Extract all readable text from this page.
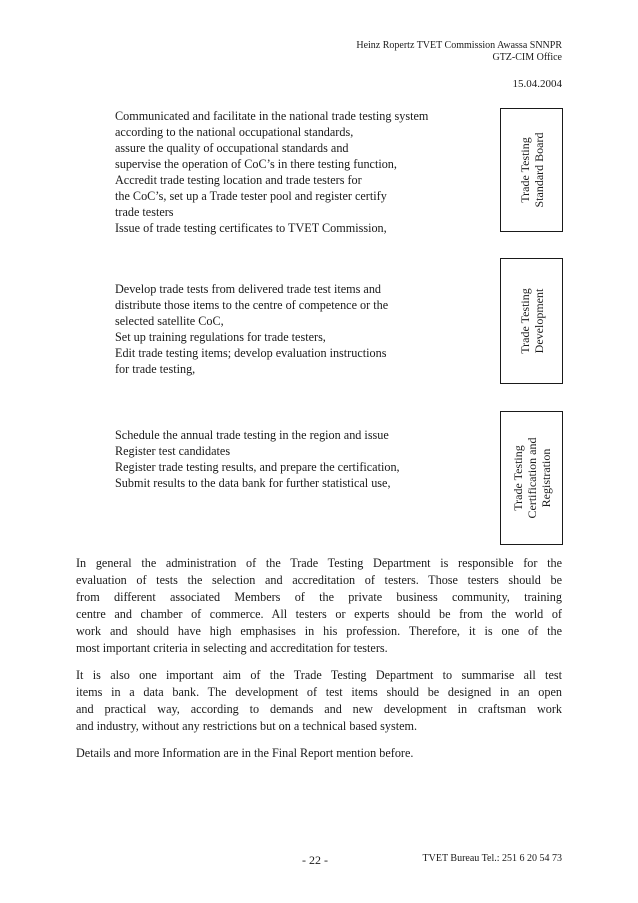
Heinz Ropertz TVET Commission Awassa SNNPR
GTZ-CIM Office
15.04.2004
Communicated and facilitate in the national trade testing system
according to the national occupational standards,
assure the quality of occupational standards and
supervise the operation of CoC’s in there testing function,
Accredit trade testing location and trade testers for
the CoC’s, set up a Trade tester pool and register certify
trade testers
Issue of trade testing certificates to TVET Commission,
Trade Testing Standard Board
Develop trade tests from delivered trade test items and
distribute those items to the centre of competence or the
selected satellite CoC,
Set up training regulations for trade testers,
Edit trade testing items; develop evaluation instructions
for trade testing,
Trade Testing Development
Schedule the annual trade testing in the region and issue
Register test candidates
Register trade testing results, and prepare the certification,
Submit results to the data bank for further statistical use,	Trade Testing Certification and Registration
In general the administration of the Trade Testing Department is responsible for the
evaluation of tests the selection and accreditation of testers. Those testers should be
from different associated Members of the private business community, training
centre and chamber of commerce. All testers or experts should be from the world of
work and should have high emphasises in his profession. Therefore, it is one of the
most important criteria in selecting and accreditation for testers.
It is also one important aim of the Trade Testing Department to summarise all test
items in a data bank. The development of test items should be designed in an open
and practical way, according to demands and new development in craftsman work
and industry, without any restrictions but on a technical based system.
Details and more Information are in the Final Report mention before.
- 22 -	TVET Bureau Tel.: 251 6 20 54 73
